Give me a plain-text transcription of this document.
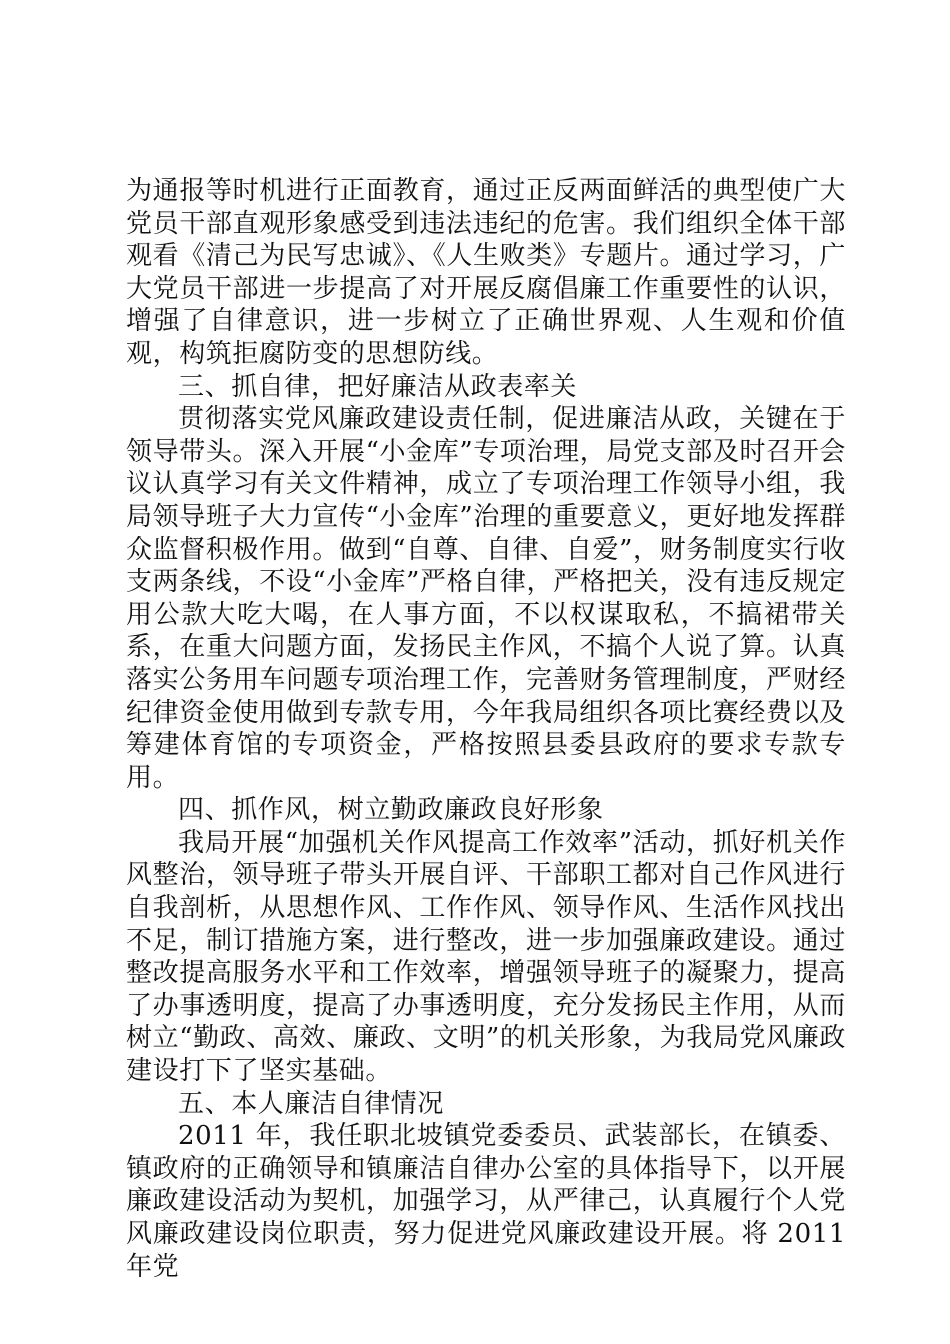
为通报等时机进行正面教育，通过正反两面鲜活的典型使广大党员干部直观形象感受到违法违纪的危害。我们组织全体干部观看《清己为民写忠诚》、《人生败类》专题片。通过学习，广大党员干部进一步提高了对开展反腐倡廉工作重要性的认识，增强了自律意识，进一步树立了正确世界观、人生观和价值观，构筑拒腐防变的思想防线。

三、抓自律，把好廉洁从政表率关

贯彻落实党风廉政建设责任制，促进廉洁从政，关键在于领导带头。深入开展“小金库”专项治理，局党支部及时召开会议认真学习有关文件精神，成立了专项治理工作领导小组，我局领导班子大力宣传“小金库”治理的重要意义，更好地发挥群众监督积极作用。做到“自尊、自律、自爱”，财务制度实行收支两条线，不设“小金库”严格自律，严格把关，没有违反规定用公款大吃大喝，在人事方面，不以权谋取私，不搞裙带关系，在重大问题方面，发扬民主作风，不搞个人说了算。认真落实公务用车问题专项治理工作，完善财务管理制度，严财经纪律资金使用做到专款专用，今年我局组织各项比赛经费以及筹建体育馆的专项资金，严格按照县委县政府的要求专款专用。

四、抓作风，树立勤政廉政良好形象

我局开展“加强机关作风提高工作效率”活动，抓好机关作风整治，领导班子带头开展自评、干部职工都对自己作风进行自我剖析，从思想作风、工作作风、领导作风、生活作风找出不足，制订措施方案，进行整改，进一步加强廉政建设。通过整改提高服务水平和工作效率，增强领导班子的凝聚力，提高了办事透明度，提高了办事透明度，充分发扬民主作用，从而树立“勤政、高效、廉政、文明”的机关形象，为我局党风廉政建设打下了坚实基础。

五、本人廉洁自律情况

2011 年，我任职北坡镇党委委员、武装部长，在镇委、镇政府的正确领导和镇廉洁自律办公室的具体指导下，以开展廉政建设活动为契机，加强学习，从严律己，认真履行个人党风廉政建设岗位职责，努力促进党风廉政建设开展。将 2011 年党
